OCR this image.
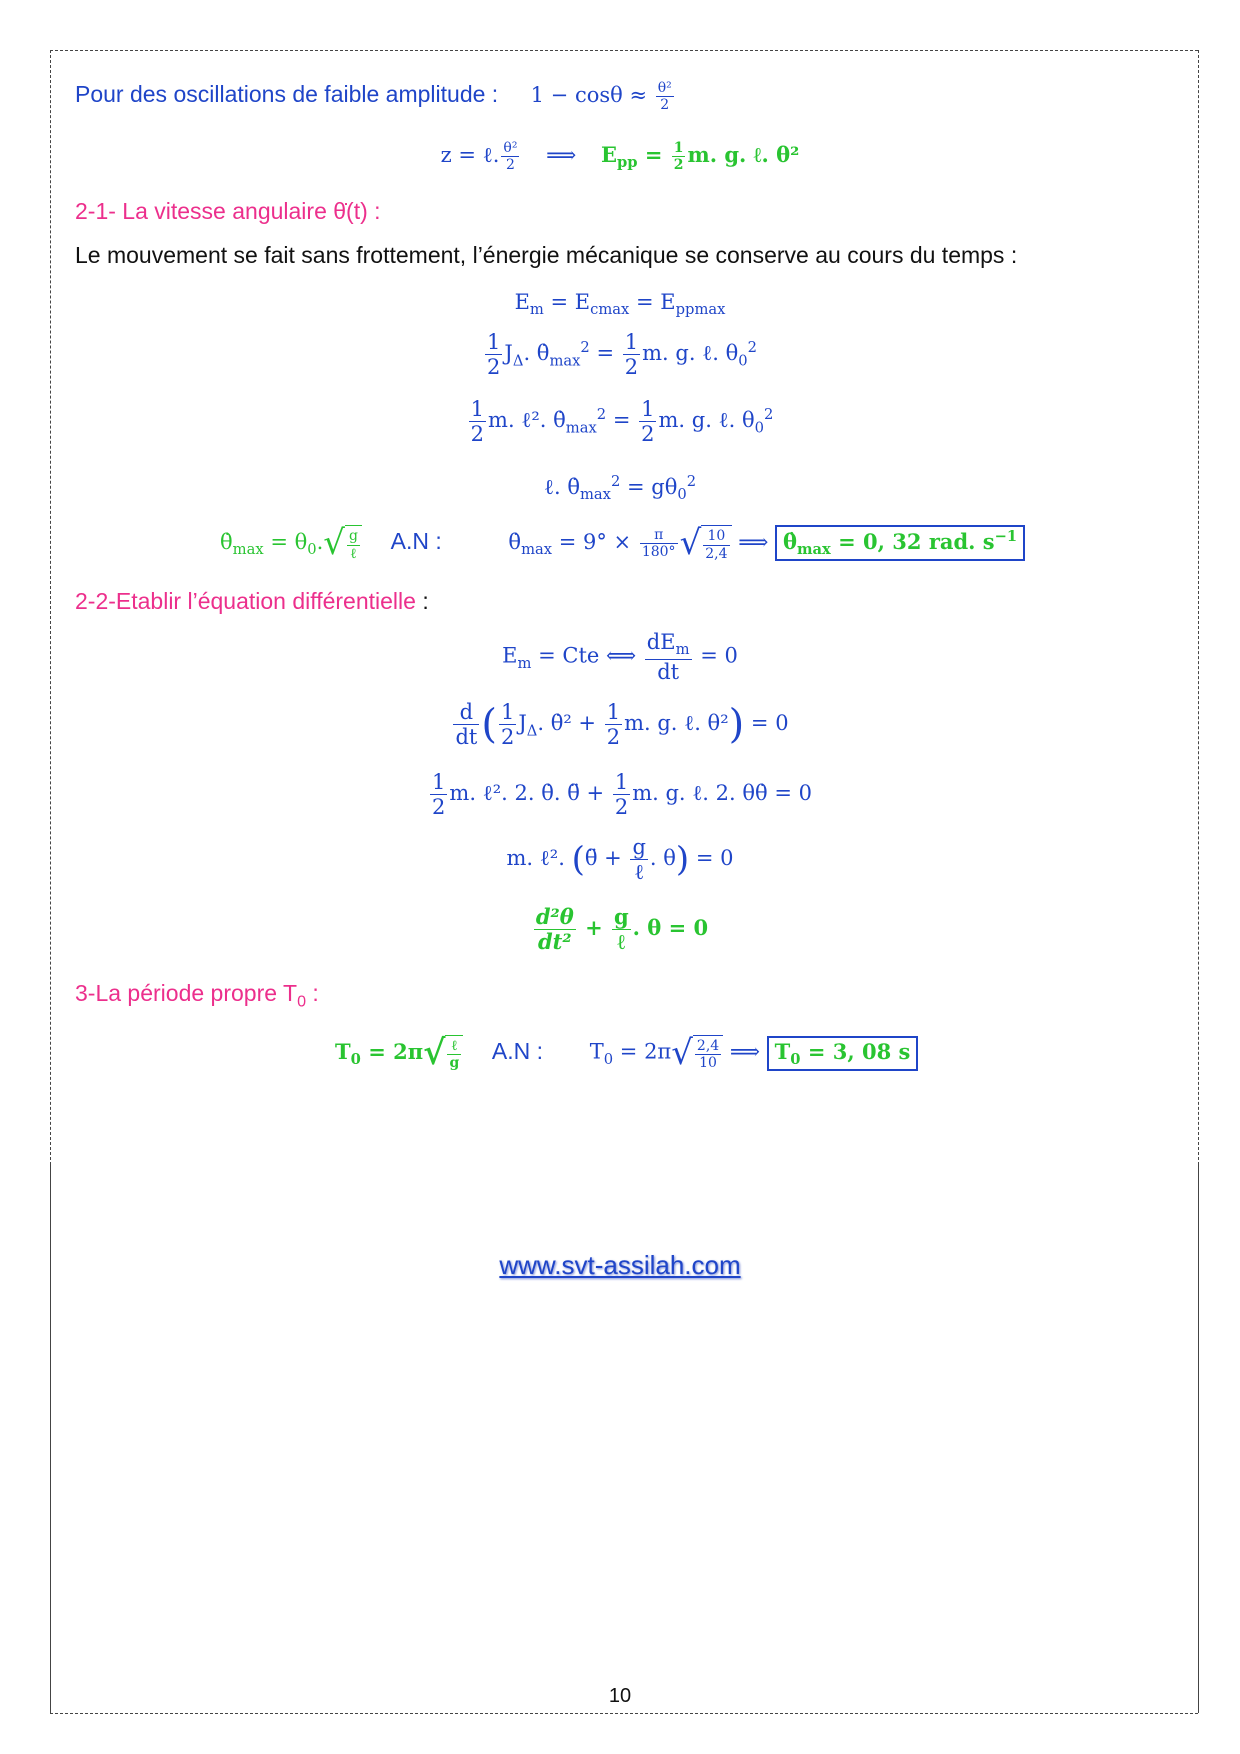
Pour des oscillations de faible amplitude : $1 - \cos\theta \approx \frac{\text{θ²}}{2}$
z = ℓ. $\frac{\text{θ²}}{2}$ ⟹ $E_{pp} = \frac{1}{2} m$. g. ℓ. θ²
2-1- La vitesse angulaire θ̇(t) :
Le mouvement se fait sans frottement, l’énergie mécanique se conserve au cours du temps :
$E_m = E_{cmax} = E_{ppmax}$
$\frac{1}{2} J_\Delta$. $\thetȧ_{max}^2 = \frac{1}{2} m$. g. ℓ. $\theta_0^2$
$\frac{1}{2} m$. ℓ². $\thetȧ_{max}^2 = \frac{1}{2} m$. g. ℓ. $\theta_0^2$
ℓ. $\thetȧ_{max}^2 = g\theta_0^2$
$\thetȧ_{max} = \theta_0.√ \frac{g}{\text{ℓ}} A.N$ :	$\thetȧ_{max} = 9^\circ \times \frac{\pi}{180^\circ}$ √ $\frac{10}{2,4}$ ⟹ $\thetȧ_{max} = 0$, 32 rad. $s^{-1}$
2-2-Etablir l’équation différentielle :
$E_m$ = Cte ⟺ $\frac{dE_m}{dt} = 0$
$\frac{d}{dt}$ ( $\frac{1}{2} J_\Delta$. θ̇² + $\frac{1}{2} m$. g. ℓ. θ²) = 0
$\frac{1}{2} m$. ℓ². 2. θ̇. θ̈ + $\frac{1}{2} m$. g. ℓ. 2. θθ̇ = 0
m. ℓ². (θ̈ + $\frac{g}{\text{ℓ}}$ . θ) = 0
$\frac{\text{d²θ}}{\text{dt²}} + \frac{g}{\text{ℓ}}$ . θ = 0
3-La période propre $T_0$ :
$T_0 = 2\pi√ \frac{\text{ℓ}}{g} A.N$ : $T_0 = 2\pi√ \frac{2,4}{10}$ ⟹ $T_0 = 3$, 08 s
www.svt-assilah.com
10
